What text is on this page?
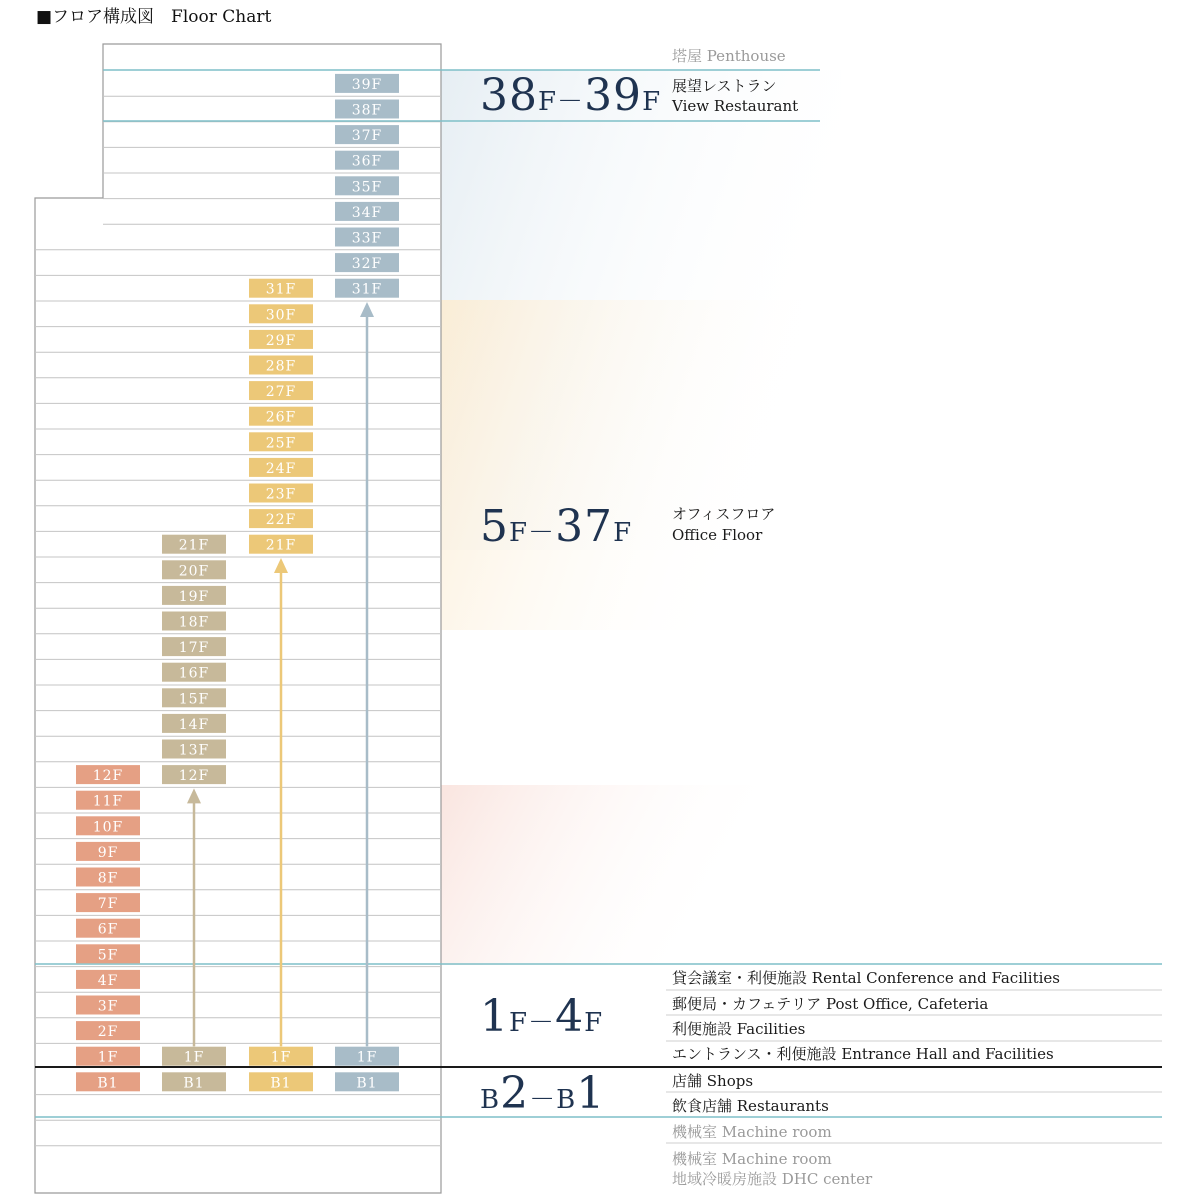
■フロア構成図　Floor Chart
12F
11F
10F
9F
8F
7F
6F
5F
4F
3F
2F
1F
B1
21F
20F
19F
18F
17F
16F
15F
14F
13F
12F
1F
B1
31F
30F
29F
28F
27F
26F
25F
24F
23F
22F
21F
1F
B1
39F
38F
37F
36F
35F
34F
33F
32F
31F
1F
B1
塔屋 Penthouse
38F－39F
展望レストラン
View Restaurant
5F－37F
オフィスフロア
Office Floor
1F－4F
貸会議室・利便施設 Rental Conference and Facilities
郵便局・カフェテリア Post Office, Cafeteria
利便施設 Facilities
エントランス・利便施設 Entrance Hall and Facilities
B2－B1	店舗 Shops
飲食店舗 Restaurants
機械室 Machine room
機械室 Machine room
地域冷暖房施設 DHC center
